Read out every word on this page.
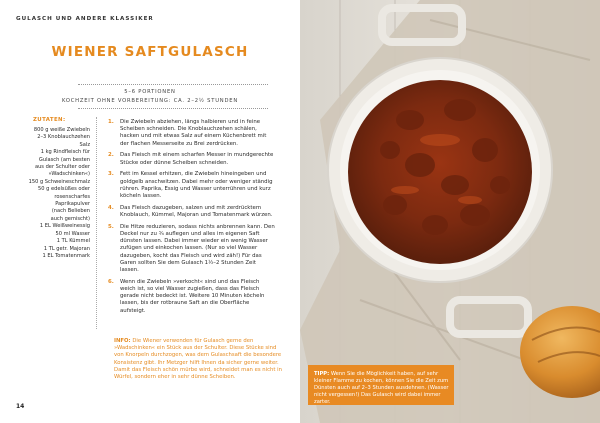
GULASCH UND ANDERE KLASSIKER
WIENER SAFTGULASCH
5–6 PORTIONEN
KOCHZEIT OHNE VORBEREITUNG: CA. 2–2½ STUNDEN
ZUTATEN:
800 g weiße Zwiebeln
2–3 Knoblauchzehen
Salz
1 kg Rindfleisch für
Gulasch (am besten
aus der Schulter oder
»Wadschinken«)
150 g Schweineschmalz
50 g edelsüßes oder
rosenscharfes
Paprikapulver
(nach Belieben
auch gemischt)
1 EL Weißweinessig
50 ml Wasser
1 TL Kümmel
1 TL getr. Majoran
1 EL Tomatenmark
1. Die Zwiebeln abziehen, längs halbieren und in feine Scheiben schneiden. Die Knoblauchzehen schälen, hacken und mit etwas Salz auf einem Küchenbrett mit der flachen Messerseite zu Brei zerdrücken.
2. Das Fleisch mit einem scharfen Messer in mundgerechte Stücke oder dünne Scheiben schneiden.
3. Fett im Kessel erhitzen, die Zwiebeln hineingeben und goldgelb anschwitzen. Dabei mehr oder weniger ständig rühren. Paprika, Essig und Wasser unterrühren und kurz köcheln lassen.
4. Das Fleisch dazugeben, salzen und mit zerdrücktem Knoblauch, Kümmel, Majoran und Tomatenmark würzen.
5. Die Hitze reduzieren, sodass nichts anbrennen kann. Den Deckel nur zu ¾ auflegen und alles im eigenen Saft dünsten lassen. Dabei immer wieder ein wenig Wasser zufügen und einkochen lassen. (Nur so viel Wasser dazugeben, kocht das Fleisch und wird zäh!) Für das Garen sollten Sie dem Gulasch 1½–2 Stunden Zeit lassen.
6. Wenn die Zwiebeln »verkocht« sind und das Fleisch weich ist, so viel Wasser zugießen, dass das Fleisch gerade nicht bedeckt ist. Weitere 10 Minuten köcheln lassen, bis der rotbraune Saft an die Oberfläche aufsteigt.
INFO: Die Wiener verwenden für Gulasch gerne den »Wadschinken« ein Stück aus der Schulter. Diese Stücke sind von Knorpeln durchzogen, was dem Gulaschsaft die besondere Konsistenz gibt. Ihr Metzger hilft Ihnen da sicher gerne weiter. Damit das Fleisch schön mürbe wird, schneidet man es nicht in Würfel, sondern eher in sehr dünne Scheiben.
14
TIPP: Wenn Sie die Möglichkeit haben, auf sehr kleiner Flamme zu kochen, können Sie die Zeit zum Dünsten auch auf 2–3 Stunden ausdehnen. (Wasser nicht vergessen!) Das Gulasch wird dabei immer zarter.
